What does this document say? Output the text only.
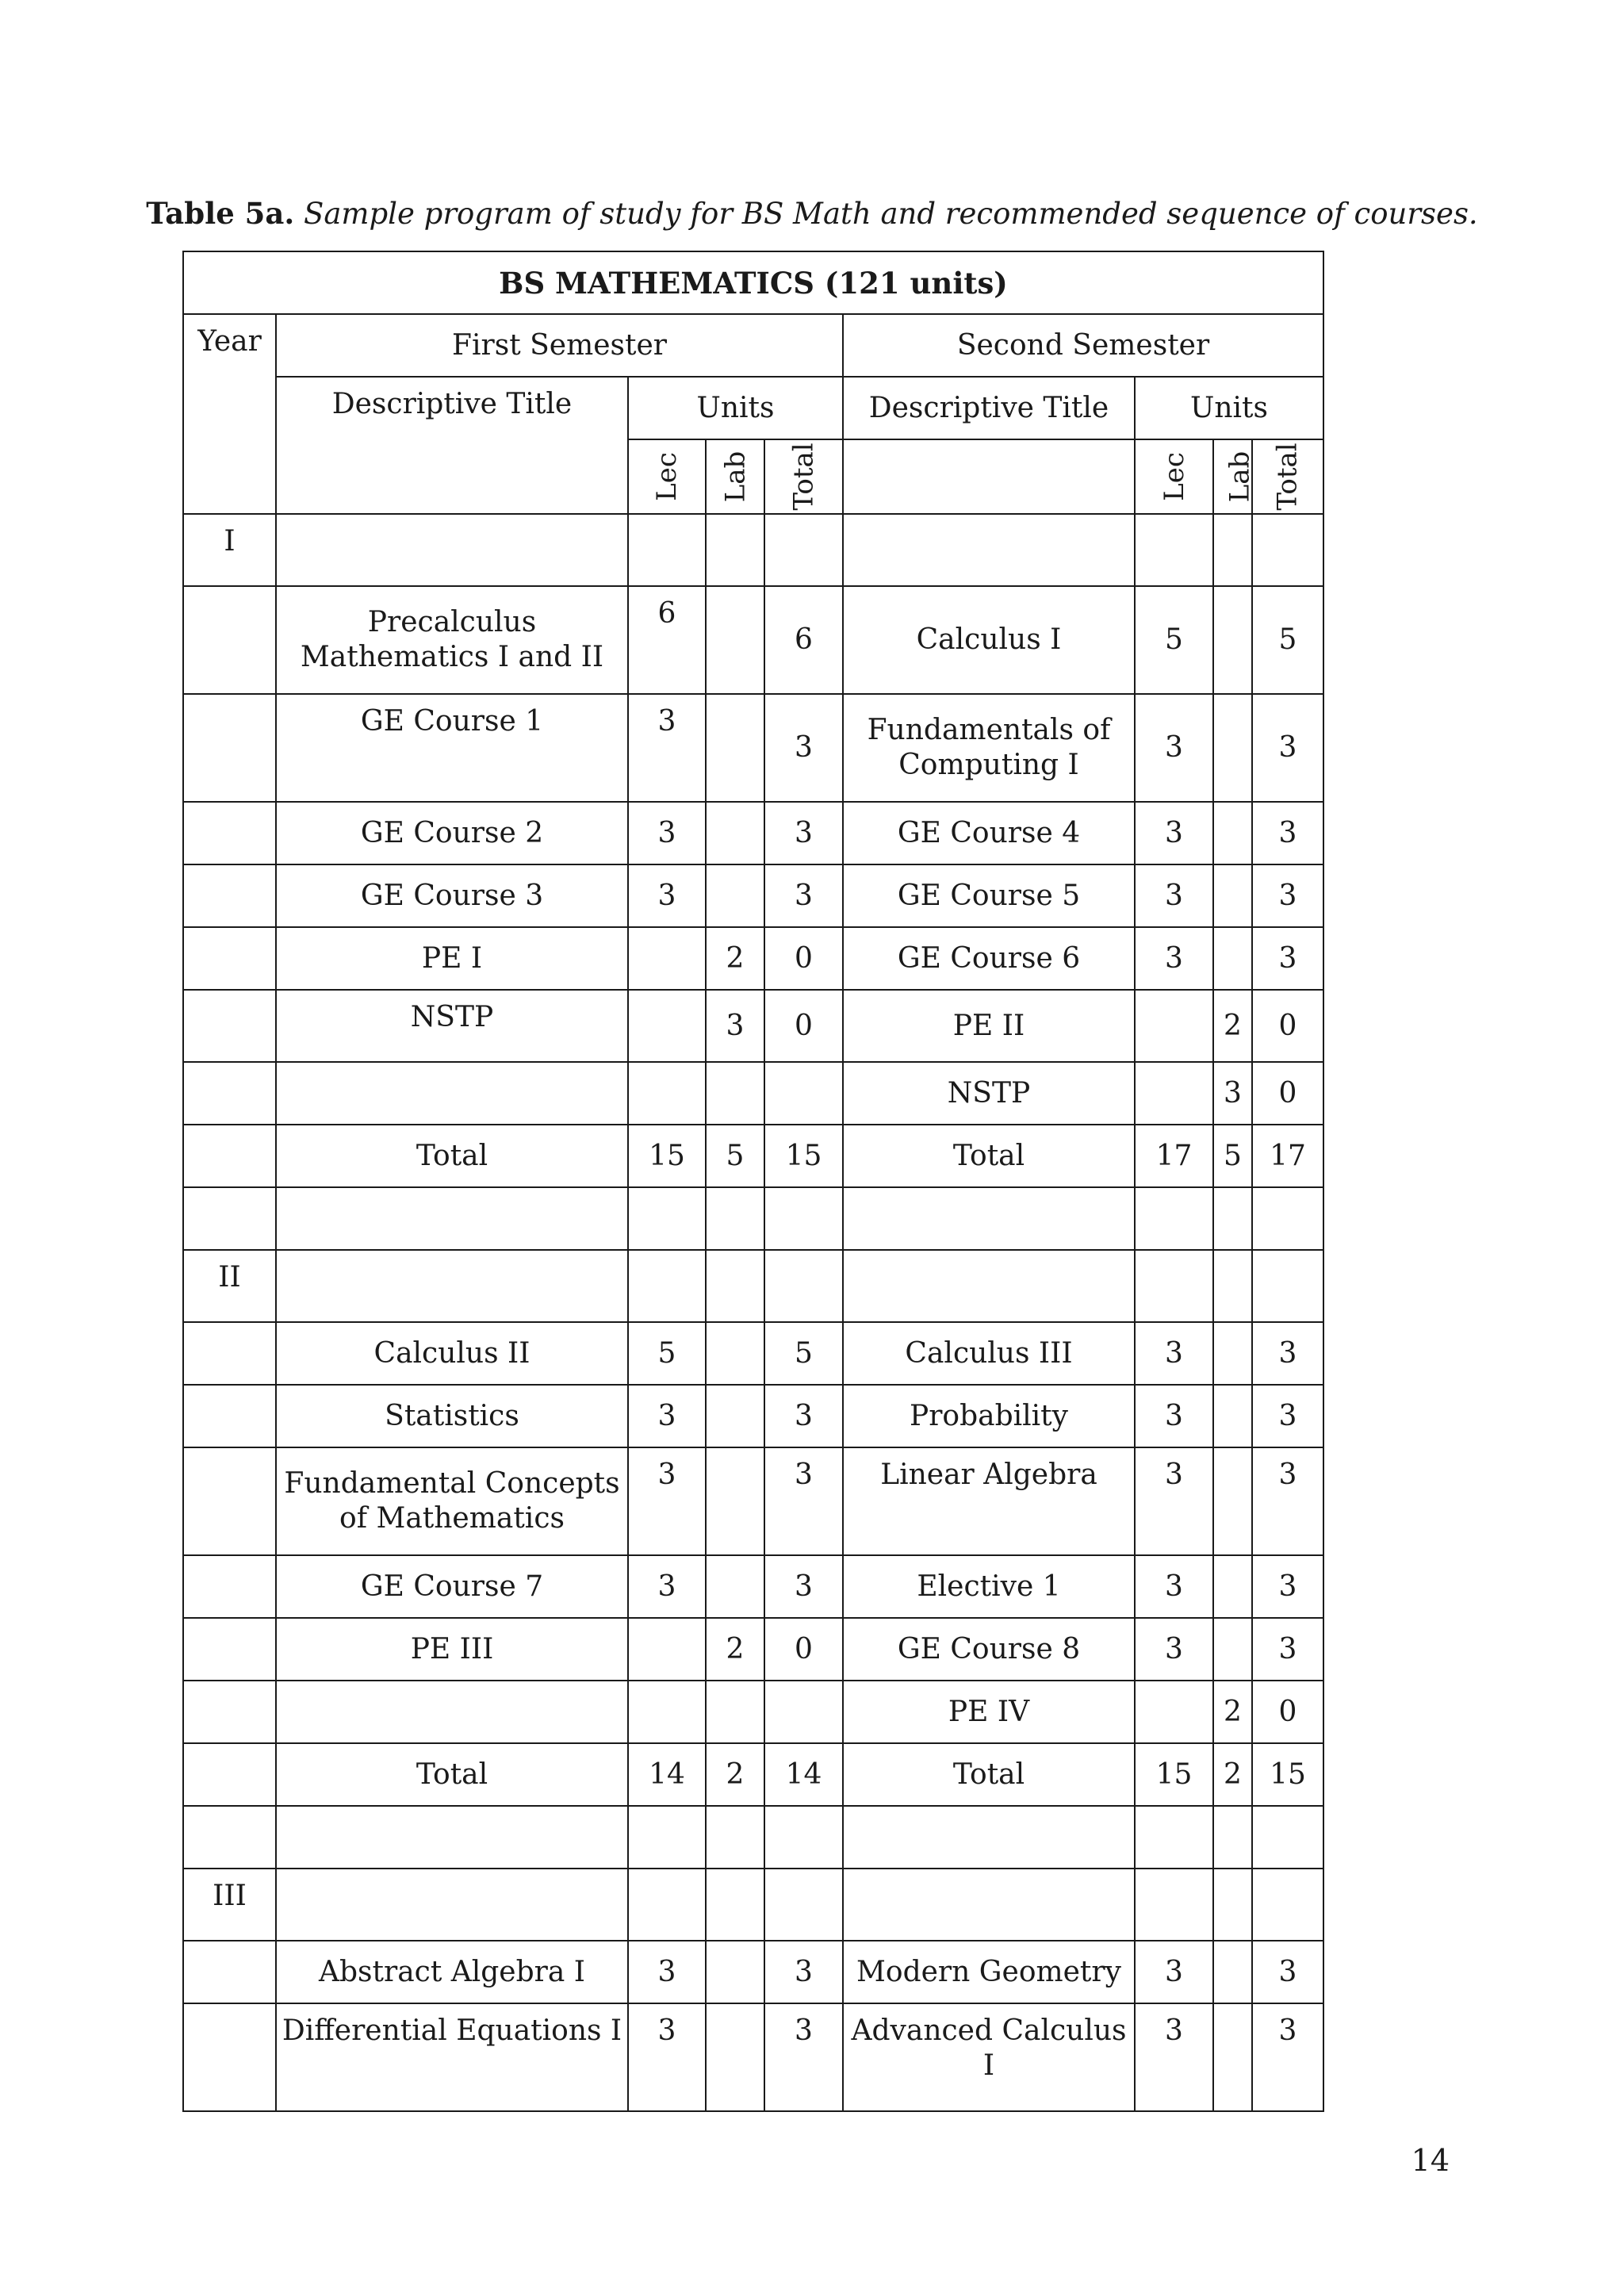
Table 5a. Sample program of study for BS Math and recommended sequence of courses.
BS MATHEMATICS (121 units)								
Year	First Semester				Second Semester			
	Descriptive Title	Units			Descriptive Title	Units		
		Lec	Lab	Total		Lec	Lab	Total
I								
	Precalculus Mathematics I and II	6		6	Calculus I	5		5
	GE Course 1	3		3	Fundamentals of Computing I	3		3
	GE Course 2	3		3	GE Course 4	3		3
	GE Course 3	3		3	GE Course 5	3		3
	PE I		2	0	GE Course 6	3		3
	NSTP		3	0	PE II		2	0
					NSTP		3	0
	Total	15	5	15	Total	17	5	17

II								
	Calculus II	5		5	Calculus III	3		3
	Statistics	3		3	Probability	3		3
	Fundamental Concepts of Mathematics	3		3	Linear Algebra	3		3
	GE Course 7	3		3	Elective 1	3		3
	PE III		2	0	GE Course 8	3		3
					PE IV		2	0
	Total	14	2	14	Total	15	2	15

III								
	Abstract Algebra I	3		3	Modern Geometry	3		3
	Differential Equations I	3		3	Advanced Calculus I	3		3
14
